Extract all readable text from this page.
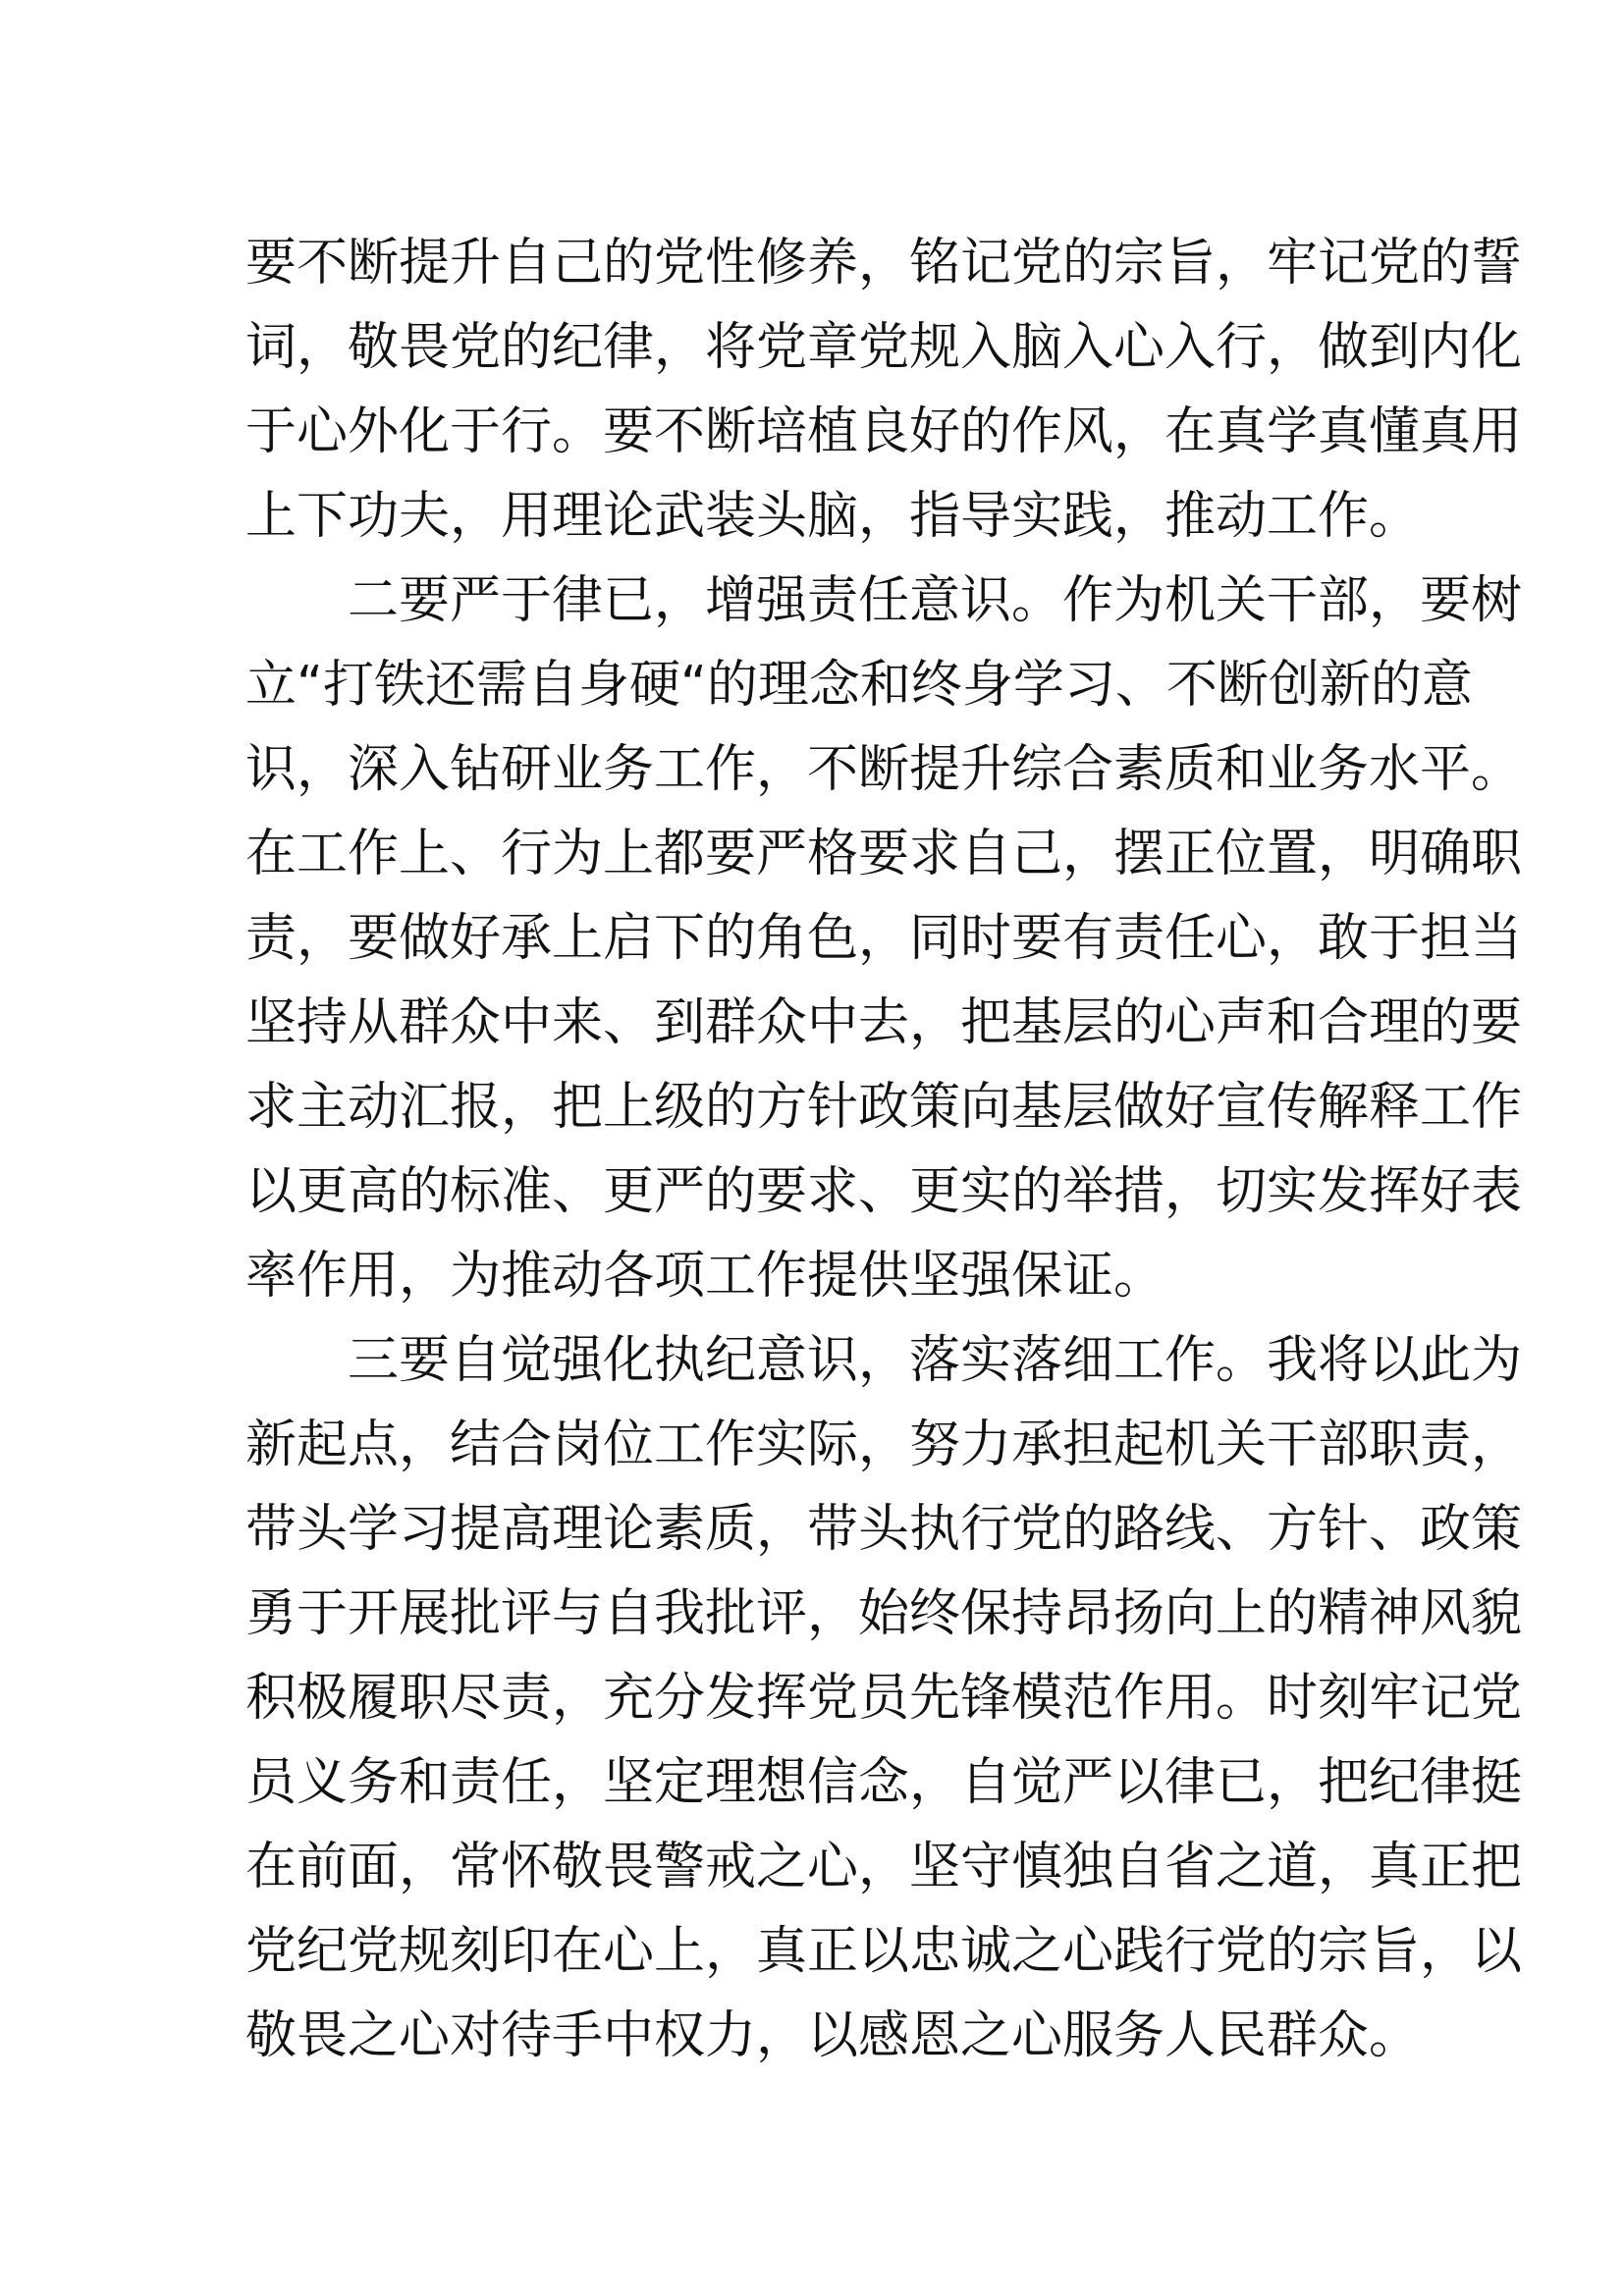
要不断提升自己的党性修养，铭记党的宗旨，牢记党的誓
词，敬畏党的纪律，将党章党规入脑入心入行，做到内化
于心外化于行。要不断培植良好的作风，在真学真懂真用
上下功夫，用理论武装头脑，指导实践，推动工作。
　　二要严于律已，增强责任意识。作为机关干部，要树
立“打铁还需自身硬“的理念和终身学习、不断创新的意
识，深入钻研业务工作，不断提升综合素质和业务水平。
在工作上、行为上都要严格要求自己，摆正位置，明确职
责，要做好承上启下的角色，同时要有责任心，敢于担当
坚持从群众中来、到群众中去，把基层的心声和合理的要
求主动汇报，把上级的方针政策向基层做好宣传解释工作
以更高的标准、更严的要求、更实的举措，切实发挥好表
率作用，为推动各项工作提供坚强保证。
　　三要自觉强化执纪意识，落实落细工作。我将以此为
新起点，结合岗位工作实际，努力承担起机关干部职责，
带头学习提高理论素质，带头执行党的路线、方针、政策
勇于开展批评与自我批评，始终保持昂扬向上的精神风貌
积极履职尽责，充分发挥党员先锋模范作用。时刻牢记党
员义务和责任，坚定理想信念，自觉严以律已，把纪律挺
在前面，常怀敬畏警戒之心，坚守慎独自省之道，真正把
党纪党规刻印在心上，真正以忠诚之心践行党的宗旨，以
敬畏之心对待手中权力，以感恩之心服务人民群众。
